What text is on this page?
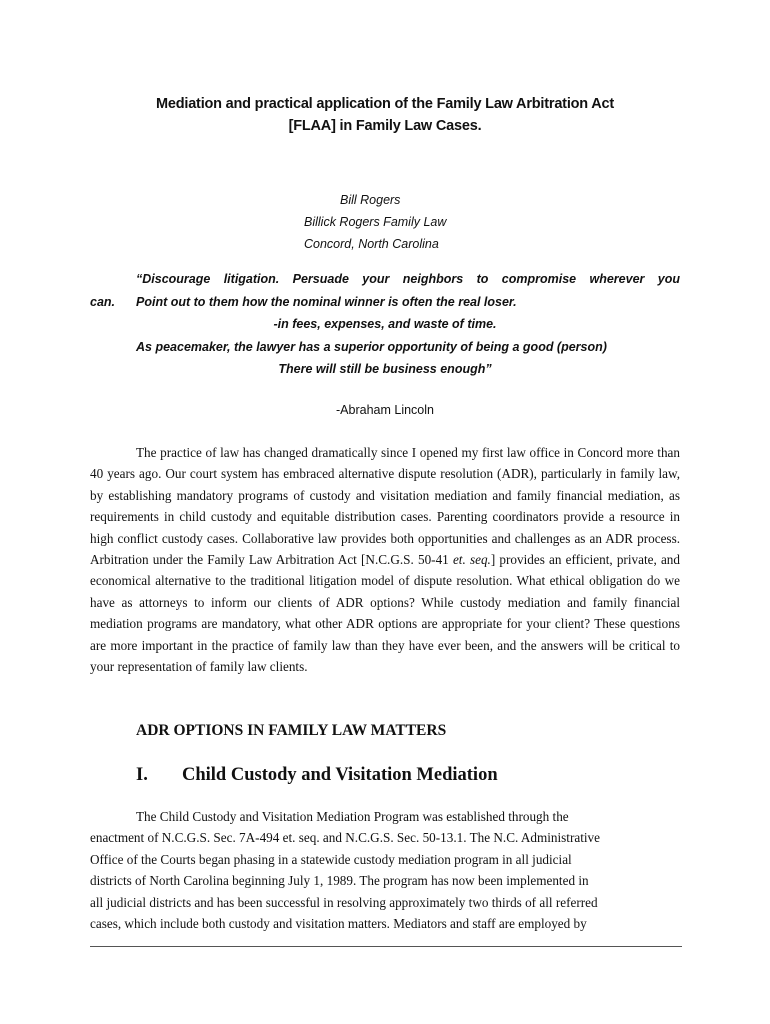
Mediation and practical application of the Family Law Arbitration Act
[FLAA] in Family Law Cases.
Bill Rogers
Billick Rogers Family Law
Concord, North Carolina
“Discourage litigation. Persuade your neighbors to compromise wherever you
can.	Point out to them how the nominal winner is often the real loser.
-in fees, expenses, and waste of time.
As peacemaker, the lawyer has a superior opportunity of being a good (person)
There will still be business enough”
-Abraham Lincoln

The practice of law has changed dramatically since I opened my first law office in Concord more than 40 years ago. Our court system has embraced alternative dispute resolution (ADR), particularly in family law, by establishing mandatory programs of custody and visitation mediation and family financial mediation, as requirements in child custody and equitable distribution cases. Parenting coordinators provide a resource in high conflict custody cases. Collaborative law provides both opportunities and challenges as an ADR process. Arbitration under the Family Law Arbitration Act [N.C.G.S. 50-41 et. seq.] provides an efficient, private, and economical alternative to the traditional litigation model of dispute resolution. What ethical obligation do we have as attorneys to inform our clients of ADR options? While custody mediation and family financial mediation programs are mandatory, what other ADR options are appropriate for your client? These questions are more important in the practice of family law than they have ever been, and the answers will be critical to your representation of family law clients.

ADR OPTIONS IN FAMILY LAW MATTERS
I. Child Custody and Visitation Mediation
The Child Custody and Visitation Mediation Program was established through the
enactment of N.C.G.S. Sec. 7A-494 et. seq. and N.C.G.S. Sec. 50-13.1. The N.C. Administrative
Office of the Courts began phasing in a statewide custody mediation program in all judicial
districts of North Carolina beginning July 1, 1989. The program has now been implemented in
all judicial districts and has been successful in resolving approximately two thirds of all referred
cases, which include both custody and visitation matters. Mediators and staff are employed by
